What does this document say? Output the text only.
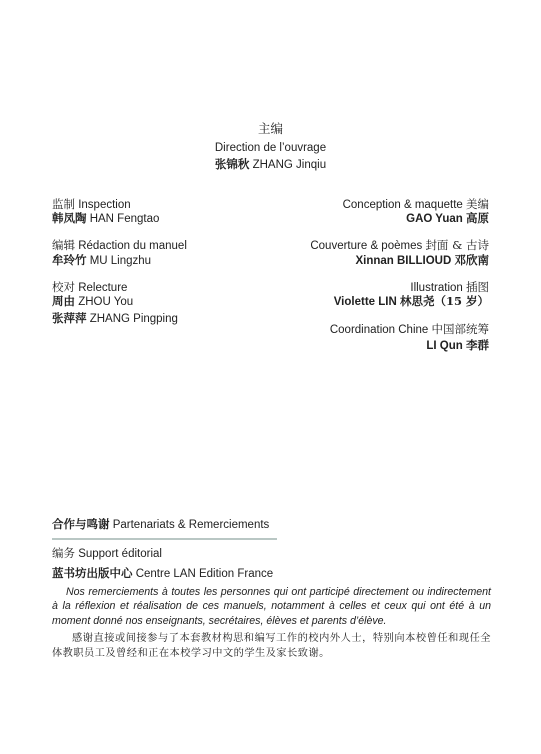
主编
Direction de l’ouvrage
张锦秋 ZHANG Jinqiu
监制 Inspection
韩凤陶 HAN Fengtao
编辑 Rédaction du manuel
牟玲竹 MU Lingzhu
校对 Relecture
周由 ZHOU You
张萍萍 ZHANG Pingping
Conception & maquette 美编
GAO Yuan 高原
Couverture & poèmes 封面 & 古诗
Xinnan BILLIOUD 邓欣南
Illustration 插图
Violette LIN 林思尧（15 岁）
Coordination Chine 中国部统筹
LI Qun 李群
合作与鸣谢 Partenariats & Remerciements
编务 Support éditorial
蓝书坊出版中心 Centre LAN Edition France
Nos remerciements à toutes les personnes qui ont participé directement ou indirectement à la réflexion et réalisation de ces manuels, notamment à celles et ceux qui ont été à un moment donné nos enseignants, secrétaires, élèves et parents d’élève.
感谢直接或间接参与了本套教材构思和编写工作的校内外人士，特别向本校曾任和现任全体教职员工及曾经和正在本校学习中文的学生及家长致谢。
